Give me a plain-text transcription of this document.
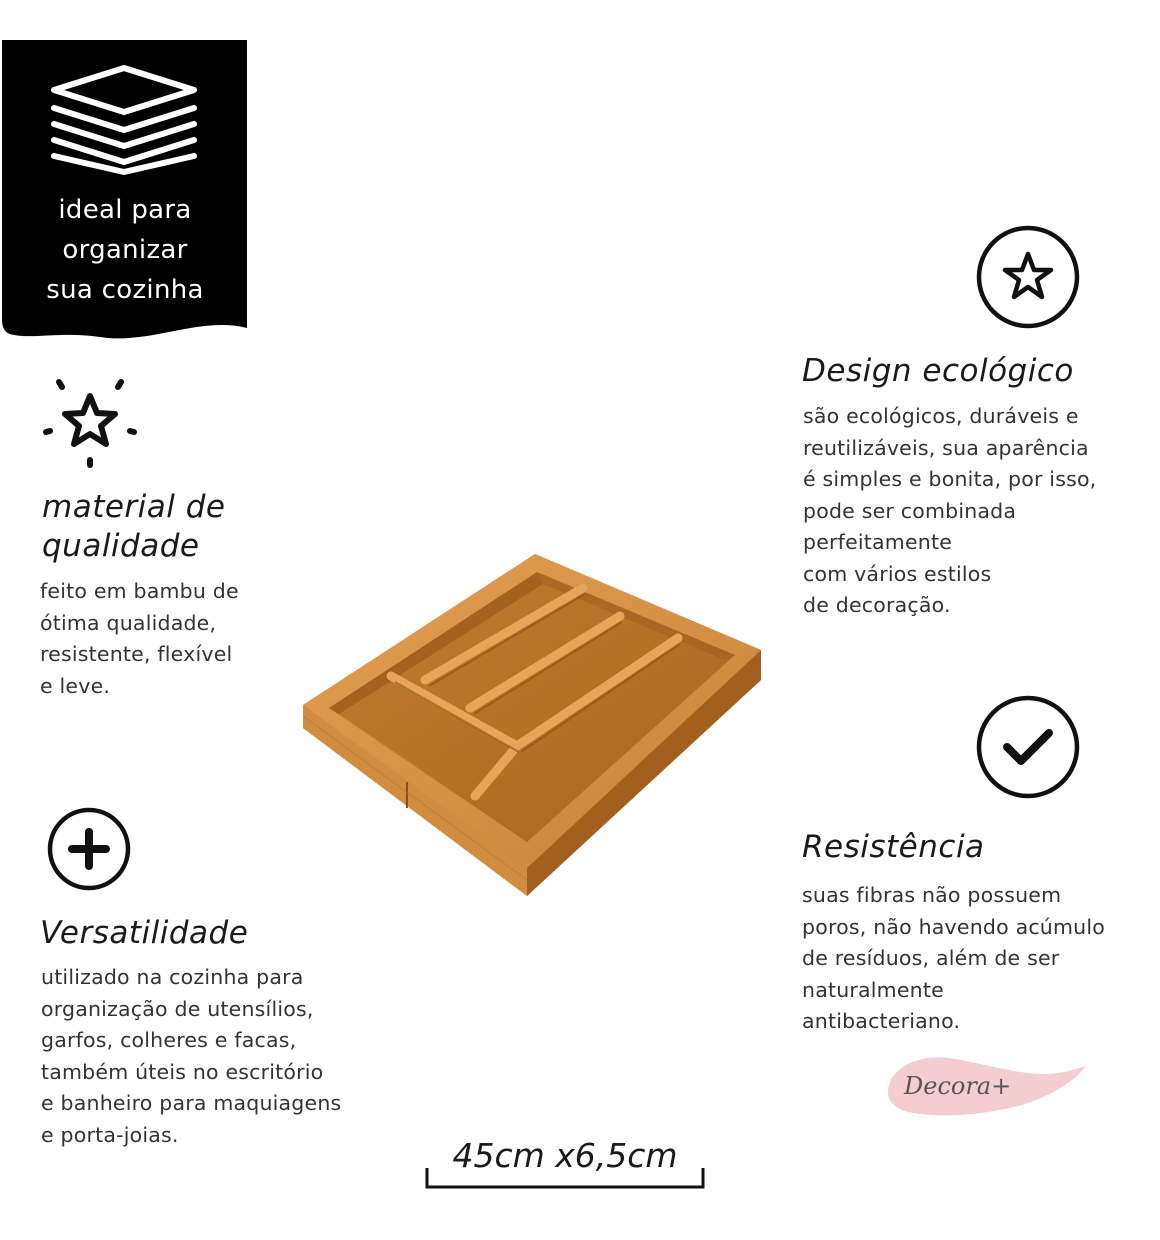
ideal para
organizar
sua cozinha
material de
qualidade
feito em bambu de
ótima qualidade,
resistente, flexível
e leve.
Versatilidade
utilizado na cozinha para
organização de utensílios,
garfos, colheres e facas,
também úteis no escritório
e banheiro para maquiagens
e porta-joias.
Design ecológico
são ecológicos, duráveis e
reutilizáveis, sua aparência
é simples e bonita, por isso,
pode ser combinada
perfeitamente
com vários estilos
de decoração.
Resistência
suas fibras não possuem
poros, não havendo acúmulo
de resíduos, além de ser
naturalmente
antibacteriano.
45cm x6,5cm
Decora+
